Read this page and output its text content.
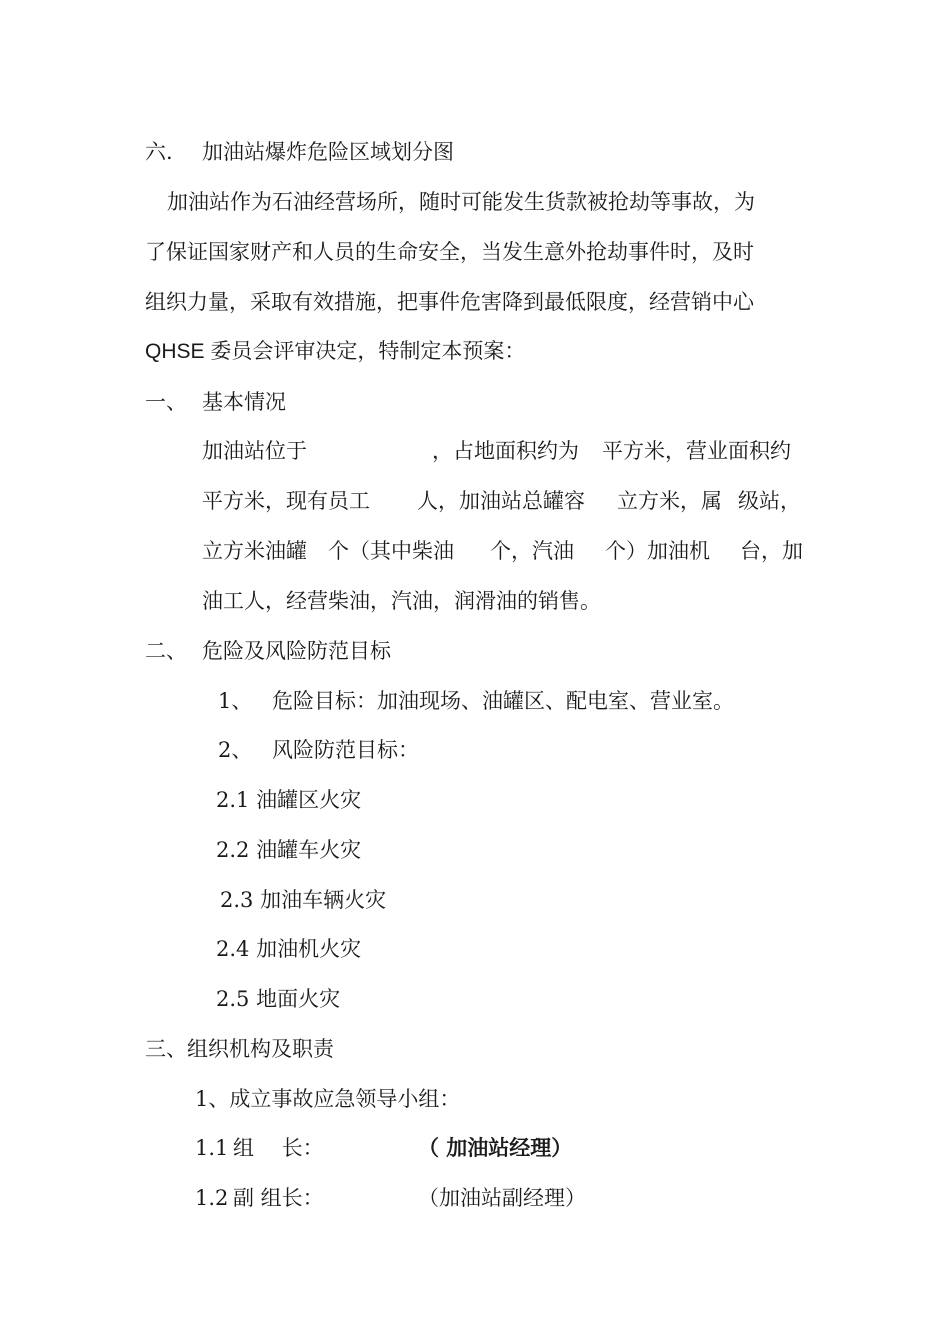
六. 加油站爆炸危险区域划分图
加油站作为石油经营场所，随时可能发生货款被抢劫等事故，为
了保证国家财产和人员的生命安全，当发生意外抢劫事件时，及时
组织力量，采取有效措施，把事件危害降到最低限度，经营销中心
QHSE 委员会评审决定，特制定本预案：
一、 基本情况
加油站位于	，占地面积约为 平方米，营业面积约
平方米，现有员工 人，加油站总罐容 立方米，属 级站，
立方米油罐 个（其中柴油 个，汽油 个）加油机 台，加
油工人，经营柴油，汽油，润滑油的销售。
二、 危险及风险防范目标
1、 危险目标：加油现场、油罐区、配电室、营业室。
2、 风险防范目标：
2.1 油罐区火灾
2.2 油罐车火灾
2.3 加油车辆火灾
2.4 加油机火灾
2.5 地面火灾
三、组织机构及职责
1、成立事故应急领导小组：
1.1 组　 长：	（ 加油站经理）
1.2 副 组长：	（加油站副经理）
